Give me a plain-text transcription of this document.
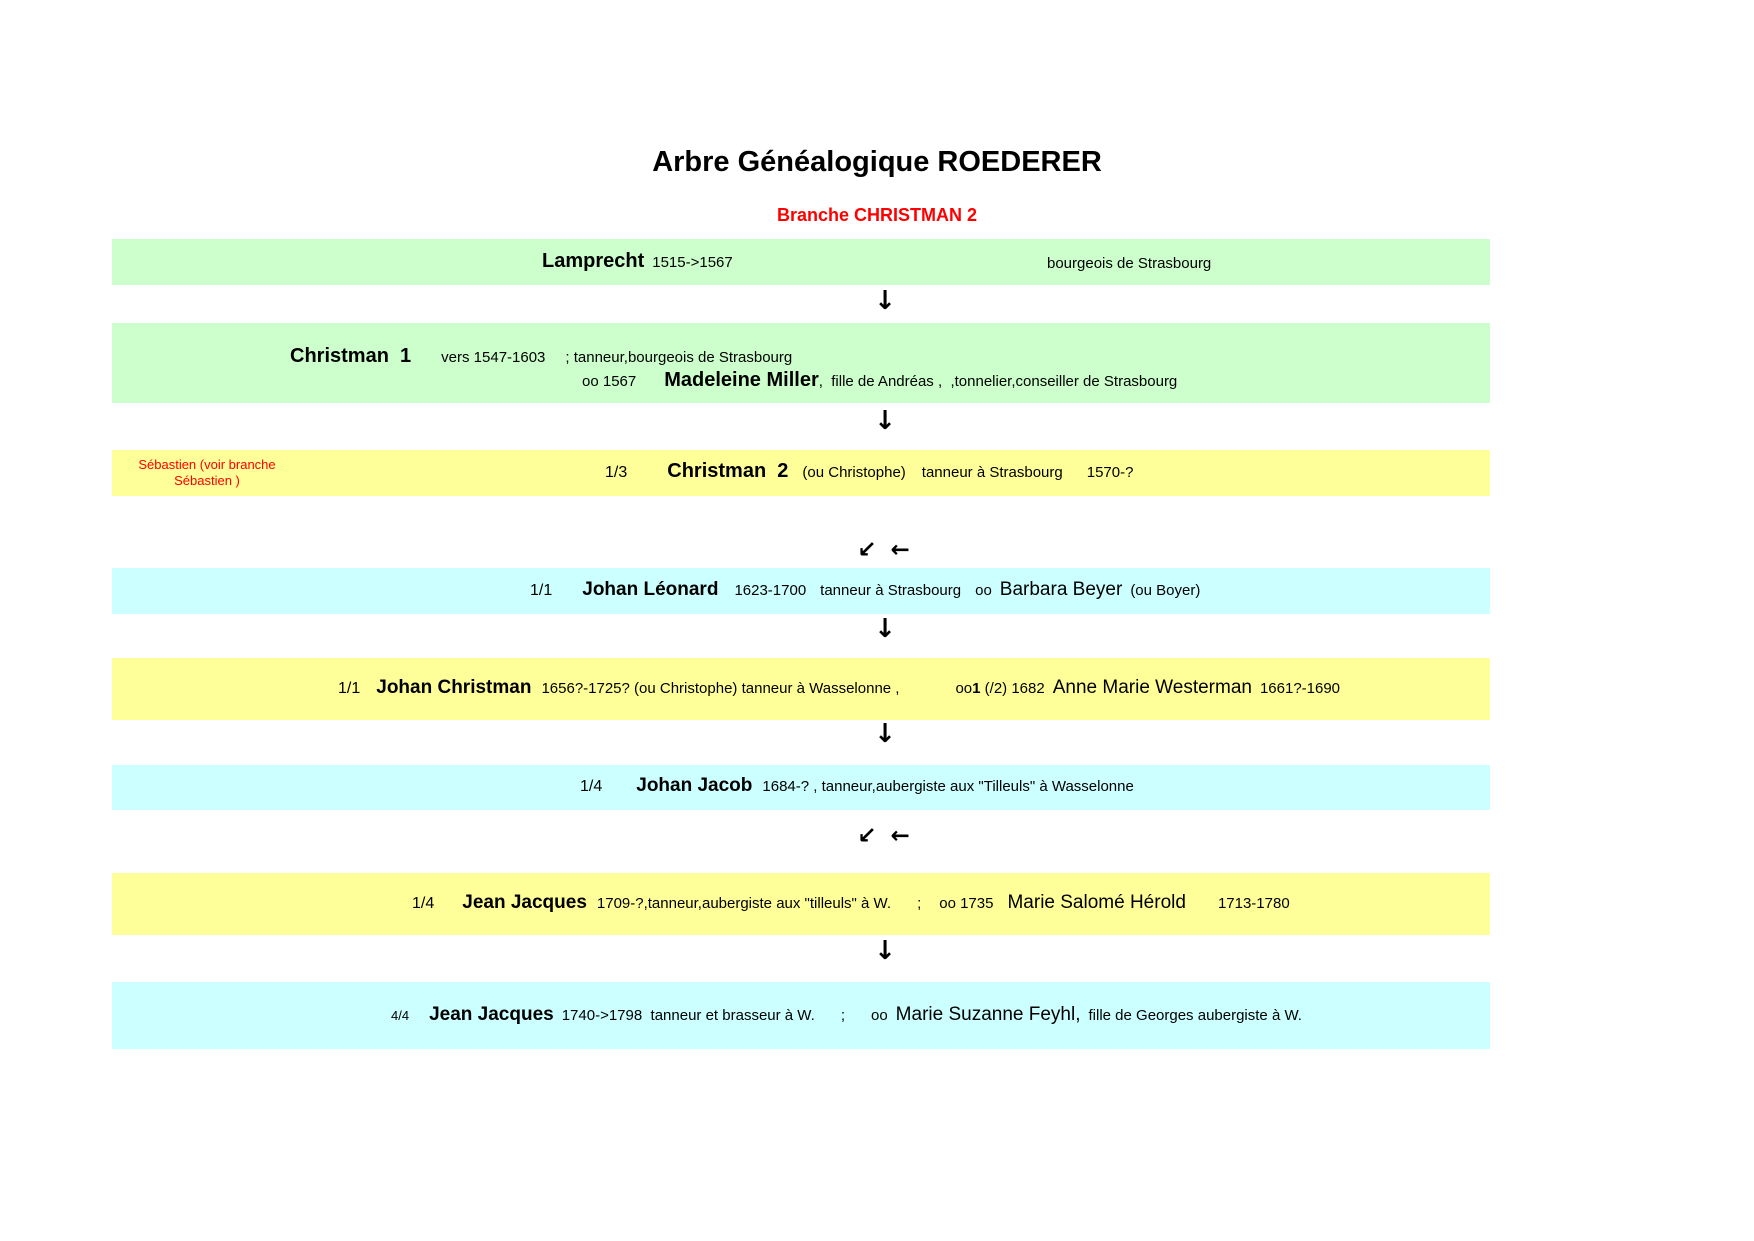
Arbre Généalogique ROEDERER
Branche CHRISTMAN 2
Lamprecht 1515->1567	bourgeois de Strasbourg
↓
Christman  1 vers 1547-1603 ; tanneur,bourgeois de Strasbourg
oo 1567 Madeleine Miller ,  fille de Andréas ,  ,tonnelier,conseiller de Strasbourg
↓
Sébastien (voir branche
Sébastien )	1/3 Christman  2 (ou Christophe) tanneur à Strasbourg 1570-?
↙ ←
1/1 Johan Léonard 1623-1700 tanneur à Strasbourg oo Barbara Beyer (ou Boyer)
↓
1/1 Johan Christman 1656?-1725? (ou Christophe) tanneur à Wasselonne ,	oo 1 (/2) 1682 Anne Marie Westerman 1661?-1690
↓
1/4 Johan Jacob 1684-? , tanneur,aubergiste aux "Tilleuls" à Wasselonne
↙ ←
1/4 Jean Jacques 1709-?,tanneur,aubergiste aux "tilleuls" à W. ; oo 1735 Marie Salomé Hérold 1713-1780
↓
4/4 Jean Jacques 1740->1798  tanneur et brasseur à W. ; oo Marie Suzanne Feyhl, fille de Georges aubergiste à W.
